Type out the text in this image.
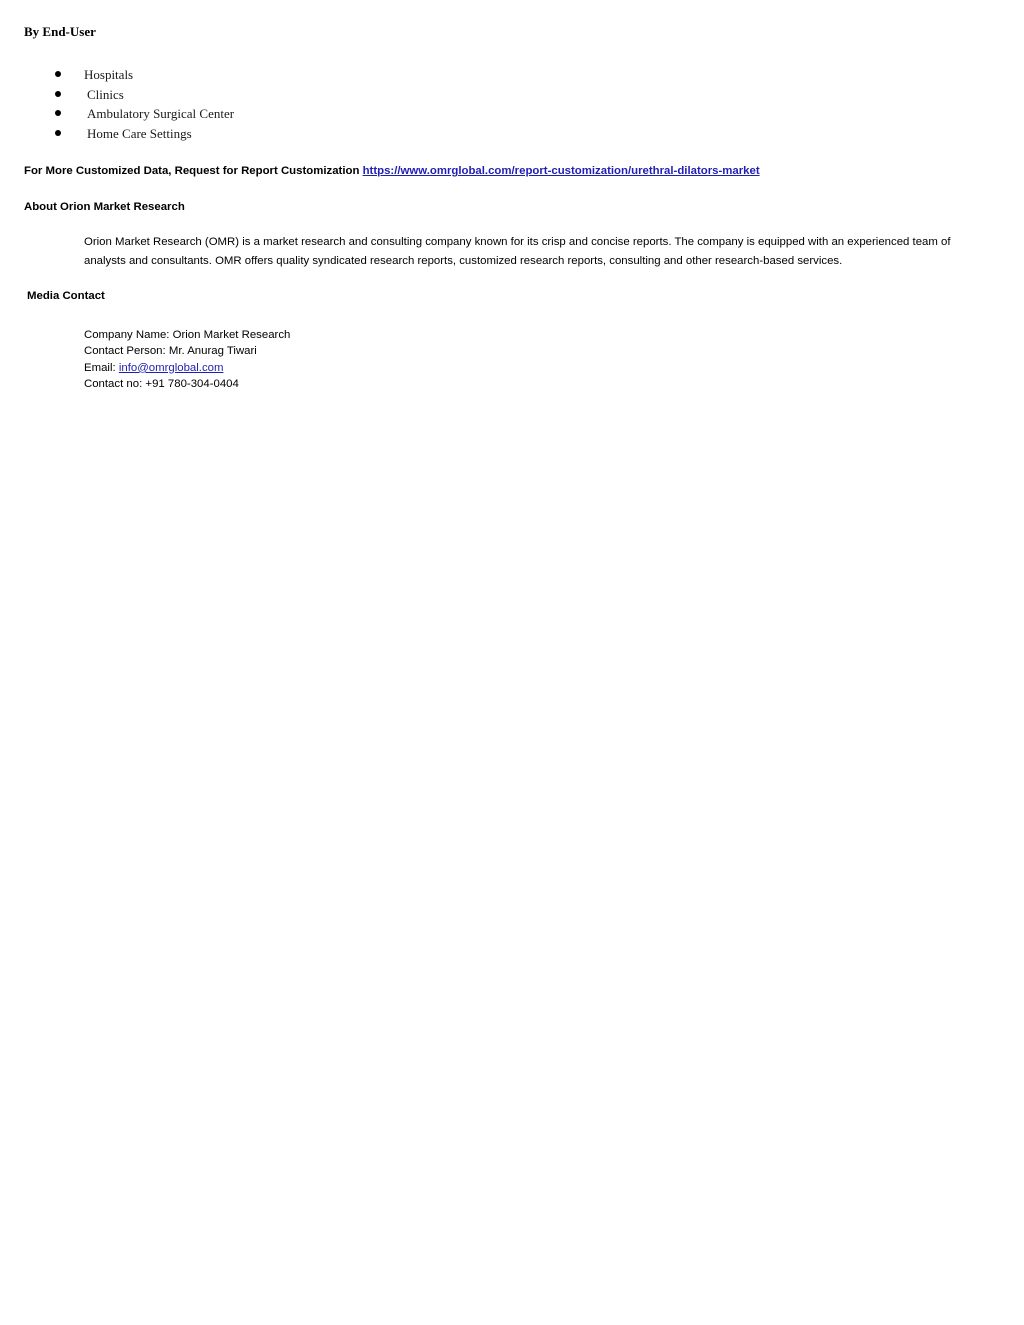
By End-User
Hospitals
Clinics
Ambulatory Surgical Center
Home Care Settings

For More Customized Data, Request for Report Customization https://www.omrglobal.com/report-customization/urethral-dilators-market

About Orion Market Research

Orion Market Research (OMR) is a market research and consulting company known for its crisp and concise reports. The company is equipped with an experienced team of analysts and consultants. OMR offers quality syndicated research reports, customized research reports, consulting and other research-based services.

Media Contact

Company Name: Orion Market Research
Contact Person: Mr. Anurag Tiwari
Email: info@omrglobal.com
Contact no: +91 780-304-0404
